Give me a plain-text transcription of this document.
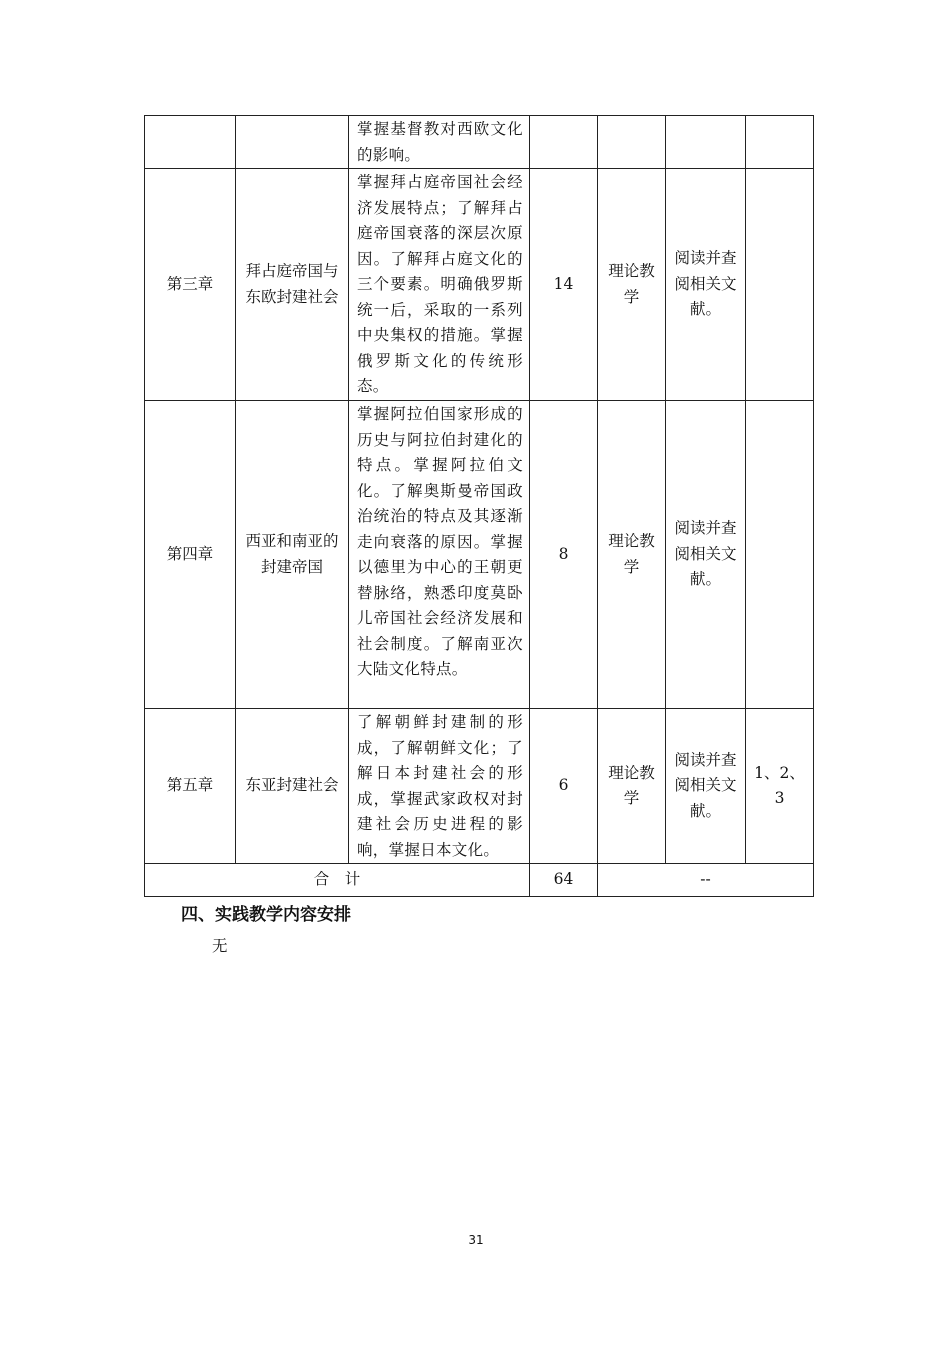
		掌握基督教对西欧文化的影响。				
第三章	拜占庭帝国与东欧封建社会	掌握拜占庭帝国社会经济发展特点；了解拜占庭帝国衰落的深层次原因。了解拜占庭文化的三个要素。明确俄罗斯统一后，采取的一系列中央集权的措施。掌握俄罗斯文化的传统形态。	14	理论教学	阅读并查阅相关文献。	
第四章	西亚和南亚的封建帝国	掌握阿拉伯国家形成的历史与阿拉伯封建化的特点。掌握阿拉伯文化。了解奥斯曼帝国政治统治的特点及其逐渐走向衰落的原因。掌握以德里为中心的王朝更替脉络，熟悉印度莫卧儿帝国社会经济发展和社会制度。了解南亚次大陆文化特点。	8	理论教学	阅读并查阅相关文献。	
第五章	东亚封建社会	了解朝鲜封建制的形成，了解朝鲜文化；了解日本封建社会的形成，掌握武家政权对封建社会历史进程的影响，掌握日本文化。	6	理论教学	阅读并查阅相关文献。	1、2、3
合　计			64	--		
四、实践教学内容安排
无
31
